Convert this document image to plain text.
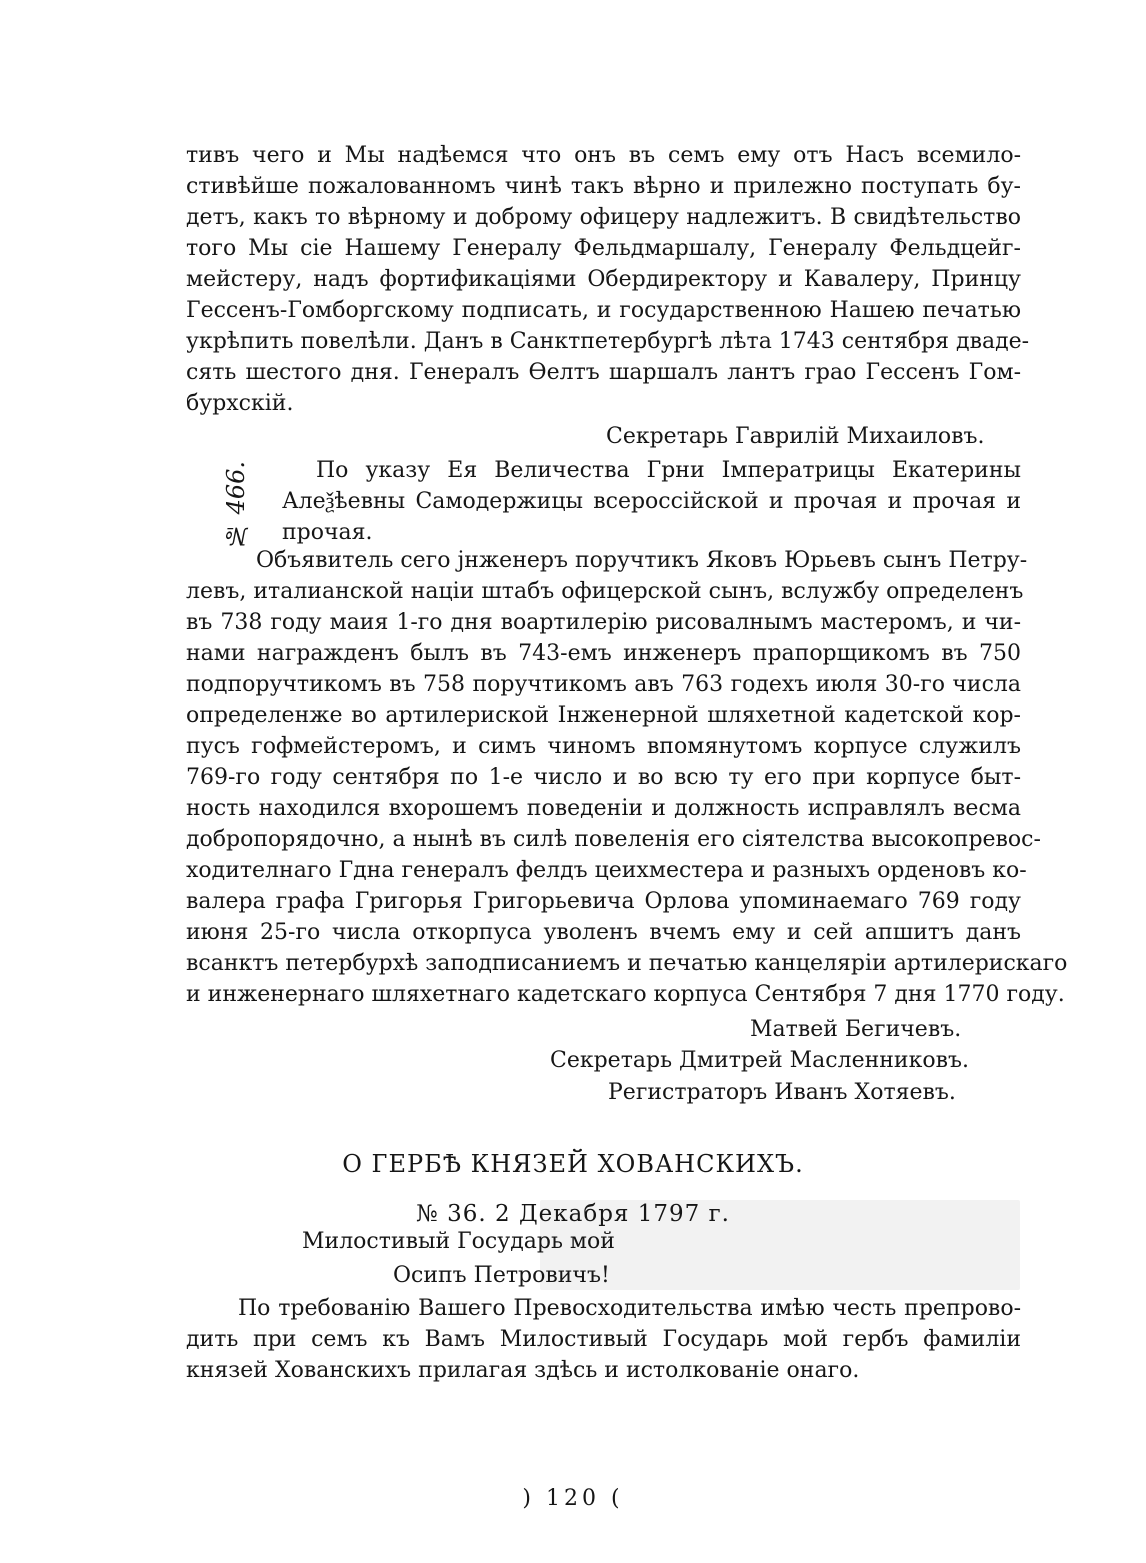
тивъ чего и Мы надѣемся что онъ въ семъ ему отъ Насъ всемило-
стивѣйше пожалованномъ чинѣ такъ вѣрно и прилежно поступать бу-
детъ, какъ то вѣрному и доброму офицеру надлежитъ. В свидѣтельство
того Мы сіе Нашему Генералу Фельдмаршалу, Генералу Фельдцейг-
мейстеру, надъ фортификацiями Обердиректору и Кавалеру, Принцу
Гессенъ-Гомборгскому подписать, и государственною Нашею печатью
укрѣпить повелѣли. Данъ в Санктпетербургѣ лѣта 1743 сентября дваде-
сять шестого дня. Генералъ Ѳелтъ шаршалъ лантъ грао Гессенъ Гом-
бурхскій.
Секретарь Гаврилій Михаиловъ.
№ 466.	По указу Ея Величества Грни Імператрицы Екатерины
Алеѯѣевны Самодержицы всероссійской и прочая и прочая и
прочая.
Объявитель сего јнженеръ поручтикъ Яковъ Юрьевъ сынъ Петру-
левъ, италианской нацiи штабъ офицерской сынъ, вслужбу определенъ
въ 738 году маия 1-го дня воартилерiю рисовалнымъ мастеромъ, и чи-
нами награжденъ былъ въ 743-емъ инженеръ прапорщикомъ въ 750
подпоручтикомъ въ 758 поручтикомъ авъ 763 годехъ июля 30-го числа
определенже во артилериской Інженерной шляхетной кадетской кор-
пусъ гофмейстеромъ, и симъ чиномъ впомянутомъ корпусе служилъ
769-го году сентября по 1-е число и во всю ту его при корпусе быт-
ность находился вхорошемъ поведенiи и должность исправлялъ весма
добропорядочно, а нынѣ въ силѣ повеленiя его сiятелства высокопревос-
ходителнаго Гдна генералъ фелдъ цеихместера и разныхъ орденовъ ко-
валера графа Григорья Григорьевича Орлова упоминаемаго 769 году
июня 25-го числа откорпуса уволенъ вчемъ ему и сей апшитъ данъ
всанктъ петербурхѣ заподписаниемъ и печатью канцелярiи артилерискаго
и инженернаго шляхетнаго кадетскаго корпуса Сентября 7 дня 1770 году.
Матвей Бегичевъ.
Секретарь Дмитрей Масленниковъ.
Регистраторъ Иванъ Хотяевъ.
О ГЕРБѢ КНЯЗЕЙ ХОВАНСКИХЪ.
№ 36. 2 Декабря 1797 г.
Милостивый Государь мой
Осипъ Петровичъ!
По требованію Вашего Превосходительства имѣю честь препрово-
дить при семъ къ Вамъ Милостивый Государь мой гербъ фамиліи
князей Хованскихъ прилагая здѣсь и истолкованіе онаго.
) 120 (
